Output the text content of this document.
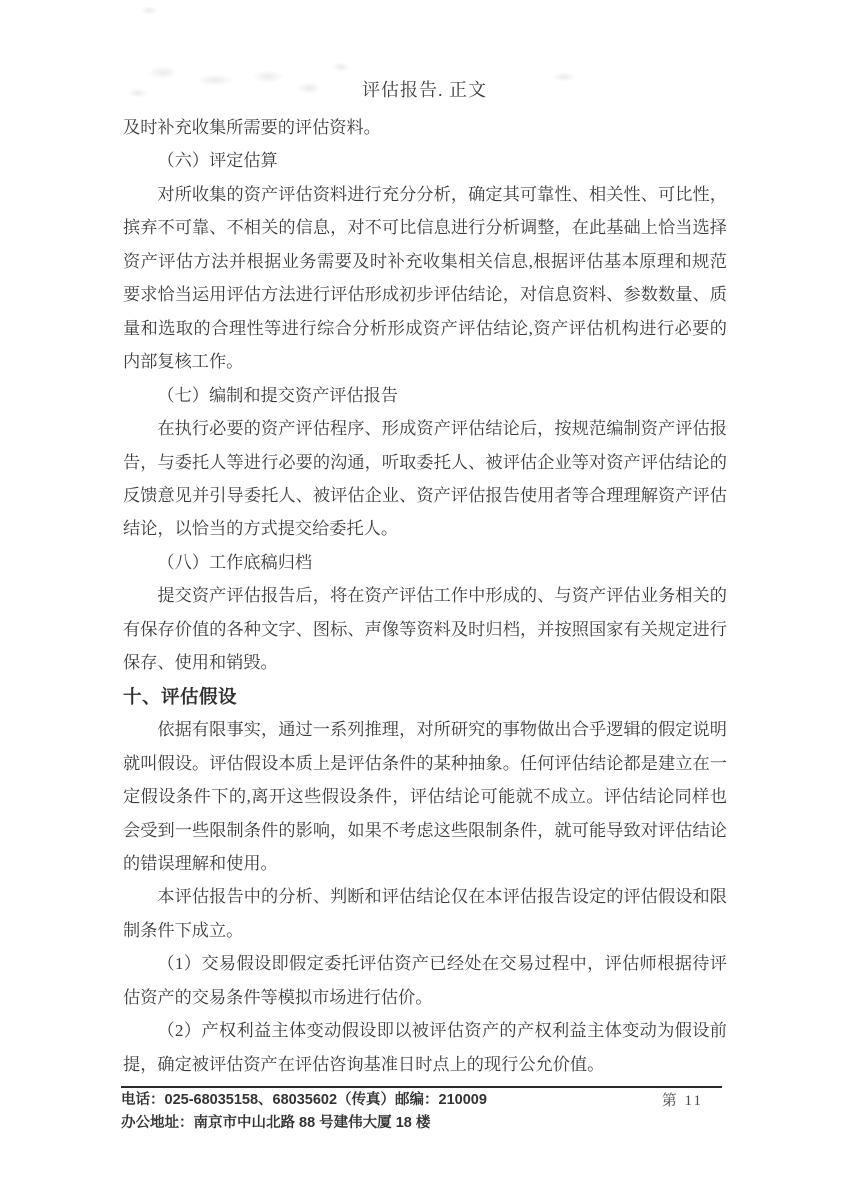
评估报告. 正文

及时补充收集所需要的评估资料。

（六）评定估算

对所收集的资产评估资料进行充分分析，确定其可靠性、相关性、可比性，摈弃不可靠、不相关的信息，对不可比信息进行分析调整，在此基础上恰当选择资产评估方法并根据业务需要及时补充收集相关信息,根据评估基本原理和规范要求恰当运用评估方法进行评估形成初步评估结论，对信息资料、参数数量、质量和选取的合理性等进行综合分析形成资产评估结论,资产评估机构进行必要的内部复核工作。

（七）编制和提交资产评估报告

在执行必要的资产评估程序、形成资产评估结论后，按规范编制资产评估报告，与委托人等进行必要的沟通，听取委托人、被评估企业等对资产评估结论的反馈意见并引导委托人、被评估企业、资产评估报告使用者等合理理解资产评估结论，以恰当的方式提交给委托人。

（八）工作底稿归档

提交资产评估报告后，将在资产评估工作中形成的、与资产评估业务相关的有保存价值的各种文字、图标、声像等资料及时归档，并按照国家有关规定进行保存、使用和销毁。

十、评估假设

依据有限事实，通过一系列推理，对所研究的事物做出合乎逻辑的假定说明就叫假设。评估假设本质上是评估条件的某种抽象。任何评估结论都是建立在一定假设条件下的,离开这些假设条件，评估结论可能就不成立。评估结论同样也会受到一些限制条件的影响，如果不考虑这些限制条件，就可能导致对评估结论的错误理解和使用。

本评估报告中的分析、判断和评估结论仅在本评估报告设定的评估假设和限制条件下成立。

（1）交易假设即假定委托评估资产已经处在交易过程中，评估师根据待评估资产的交易条件等模拟市场进行估价。

（2）产权利益主体变动假设即以被评估资产的产权利益主体变动为假设前提，确定被评估资产在评估咨询基准日时点上的现行公允价值。

电话：025-68035158、68035602（传真）邮编：210009
办公地址：南京市中山北路 88 号建伟大厦 18 楼
第 11
